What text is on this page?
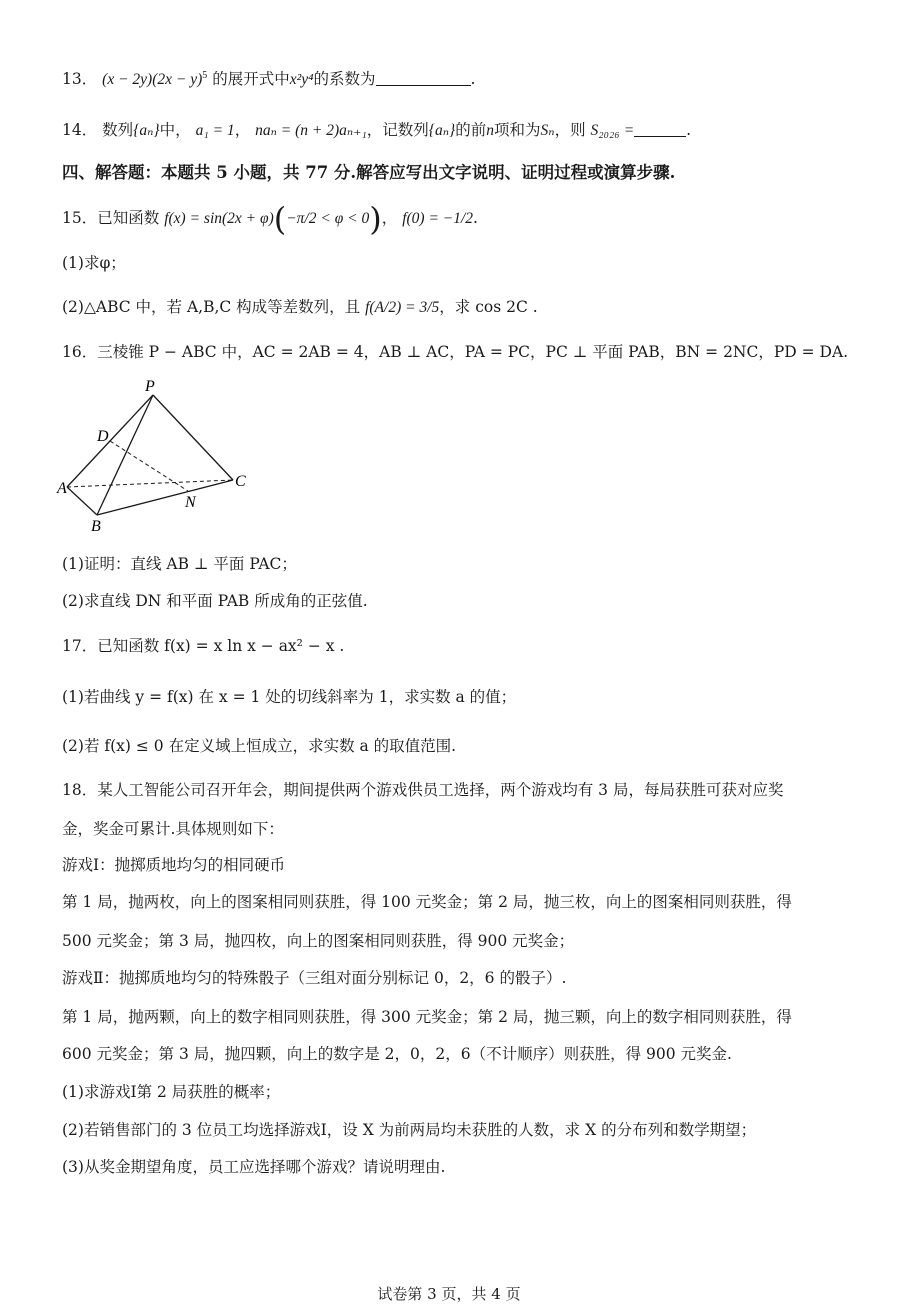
13． $(x - 2y)(2x - y)^5$ 的展开式中x²y⁴的系数为	.
14． 数列{aₙ}中， a₁ = 1， naₙ = (n + 2)aₙ₊₁，记数列{aₙ}的前n项和为Sₙ，则 S₂₀₂₆ =	.
四、解答题：本题共 5 小题，共 77 分.解答应写出文字说明、证明过程或演算步骤.
15．已知函数 f(x) = sin(2x + φ)(−π/2 < φ < 0)， f(0) = −1/2.
(1)求φ；
(2)△ABC 中，若 A,B,C 构成等差数列，且 f(A/2) = 3/5，求 cos 2C .
16．三棱锥 P − ABC 中，AC = 2AB = 4，AB ⊥ AC，PA = PC，PC ⊥ 平面 PAB，BN = 2NC，PD = DA.
P
D
A
B
C
N
(1)证明：直线 AB ⊥ 平面 PAC；
(2)求直线 DN 和平面 PAB 所成角的正弦值.
17．已知函数 f(x) = x ln x − ax² − x .
(1)若曲线 y = f(x) 在 x = 1 处的切线斜率为 1，求实数 a 的值；
(2)若 f(x) ≤ 0 在定义域上恒成立，求实数 a 的取值范围.
18．某人工智能公司召开年会，期间提供两个游戏供员工选择，两个游戏均有 3 局，每局获胜可获对应奖
金，奖金可累计.具体规则如下：
游戏Ⅰ：抛掷质地均匀的相同硬币
第 1 局，抛两枚，向上的图案相同则获胜，得 100 元奖金；第 2 局，抛三枚，向上的图案相同则获胜，得
500 元奖金；第 3 局，抛四枚，向上的图案相同则获胜，得 900 元奖金；
游戏Ⅱ：抛掷质地均匀的特殊骰子（三组对面分别标记 0，2，6 的骰子）.
第 1 局，抛两颗，向上的数字相同则获胜，得 300 元奖金；第 2 局，抛三颗，向上的数字相同则获胜，得
600 元奖金；第 3 局，抛四颗，向上的数字是 2，0，2，6（不计顺序）则获胜，得 900 元奖金.
(1)求游戏Ⅰ第 2 局获胜的概率；
(2)若销售部门的 3 位员工均选择游戏Ⅰ，设 X 为前两局均未获胜的人数，求 X 的分布列和数学期望；
(3)从奖金期望角度，员工应选择哪个游戏？请说明理由.
试卷第 3 页，共 4 页
